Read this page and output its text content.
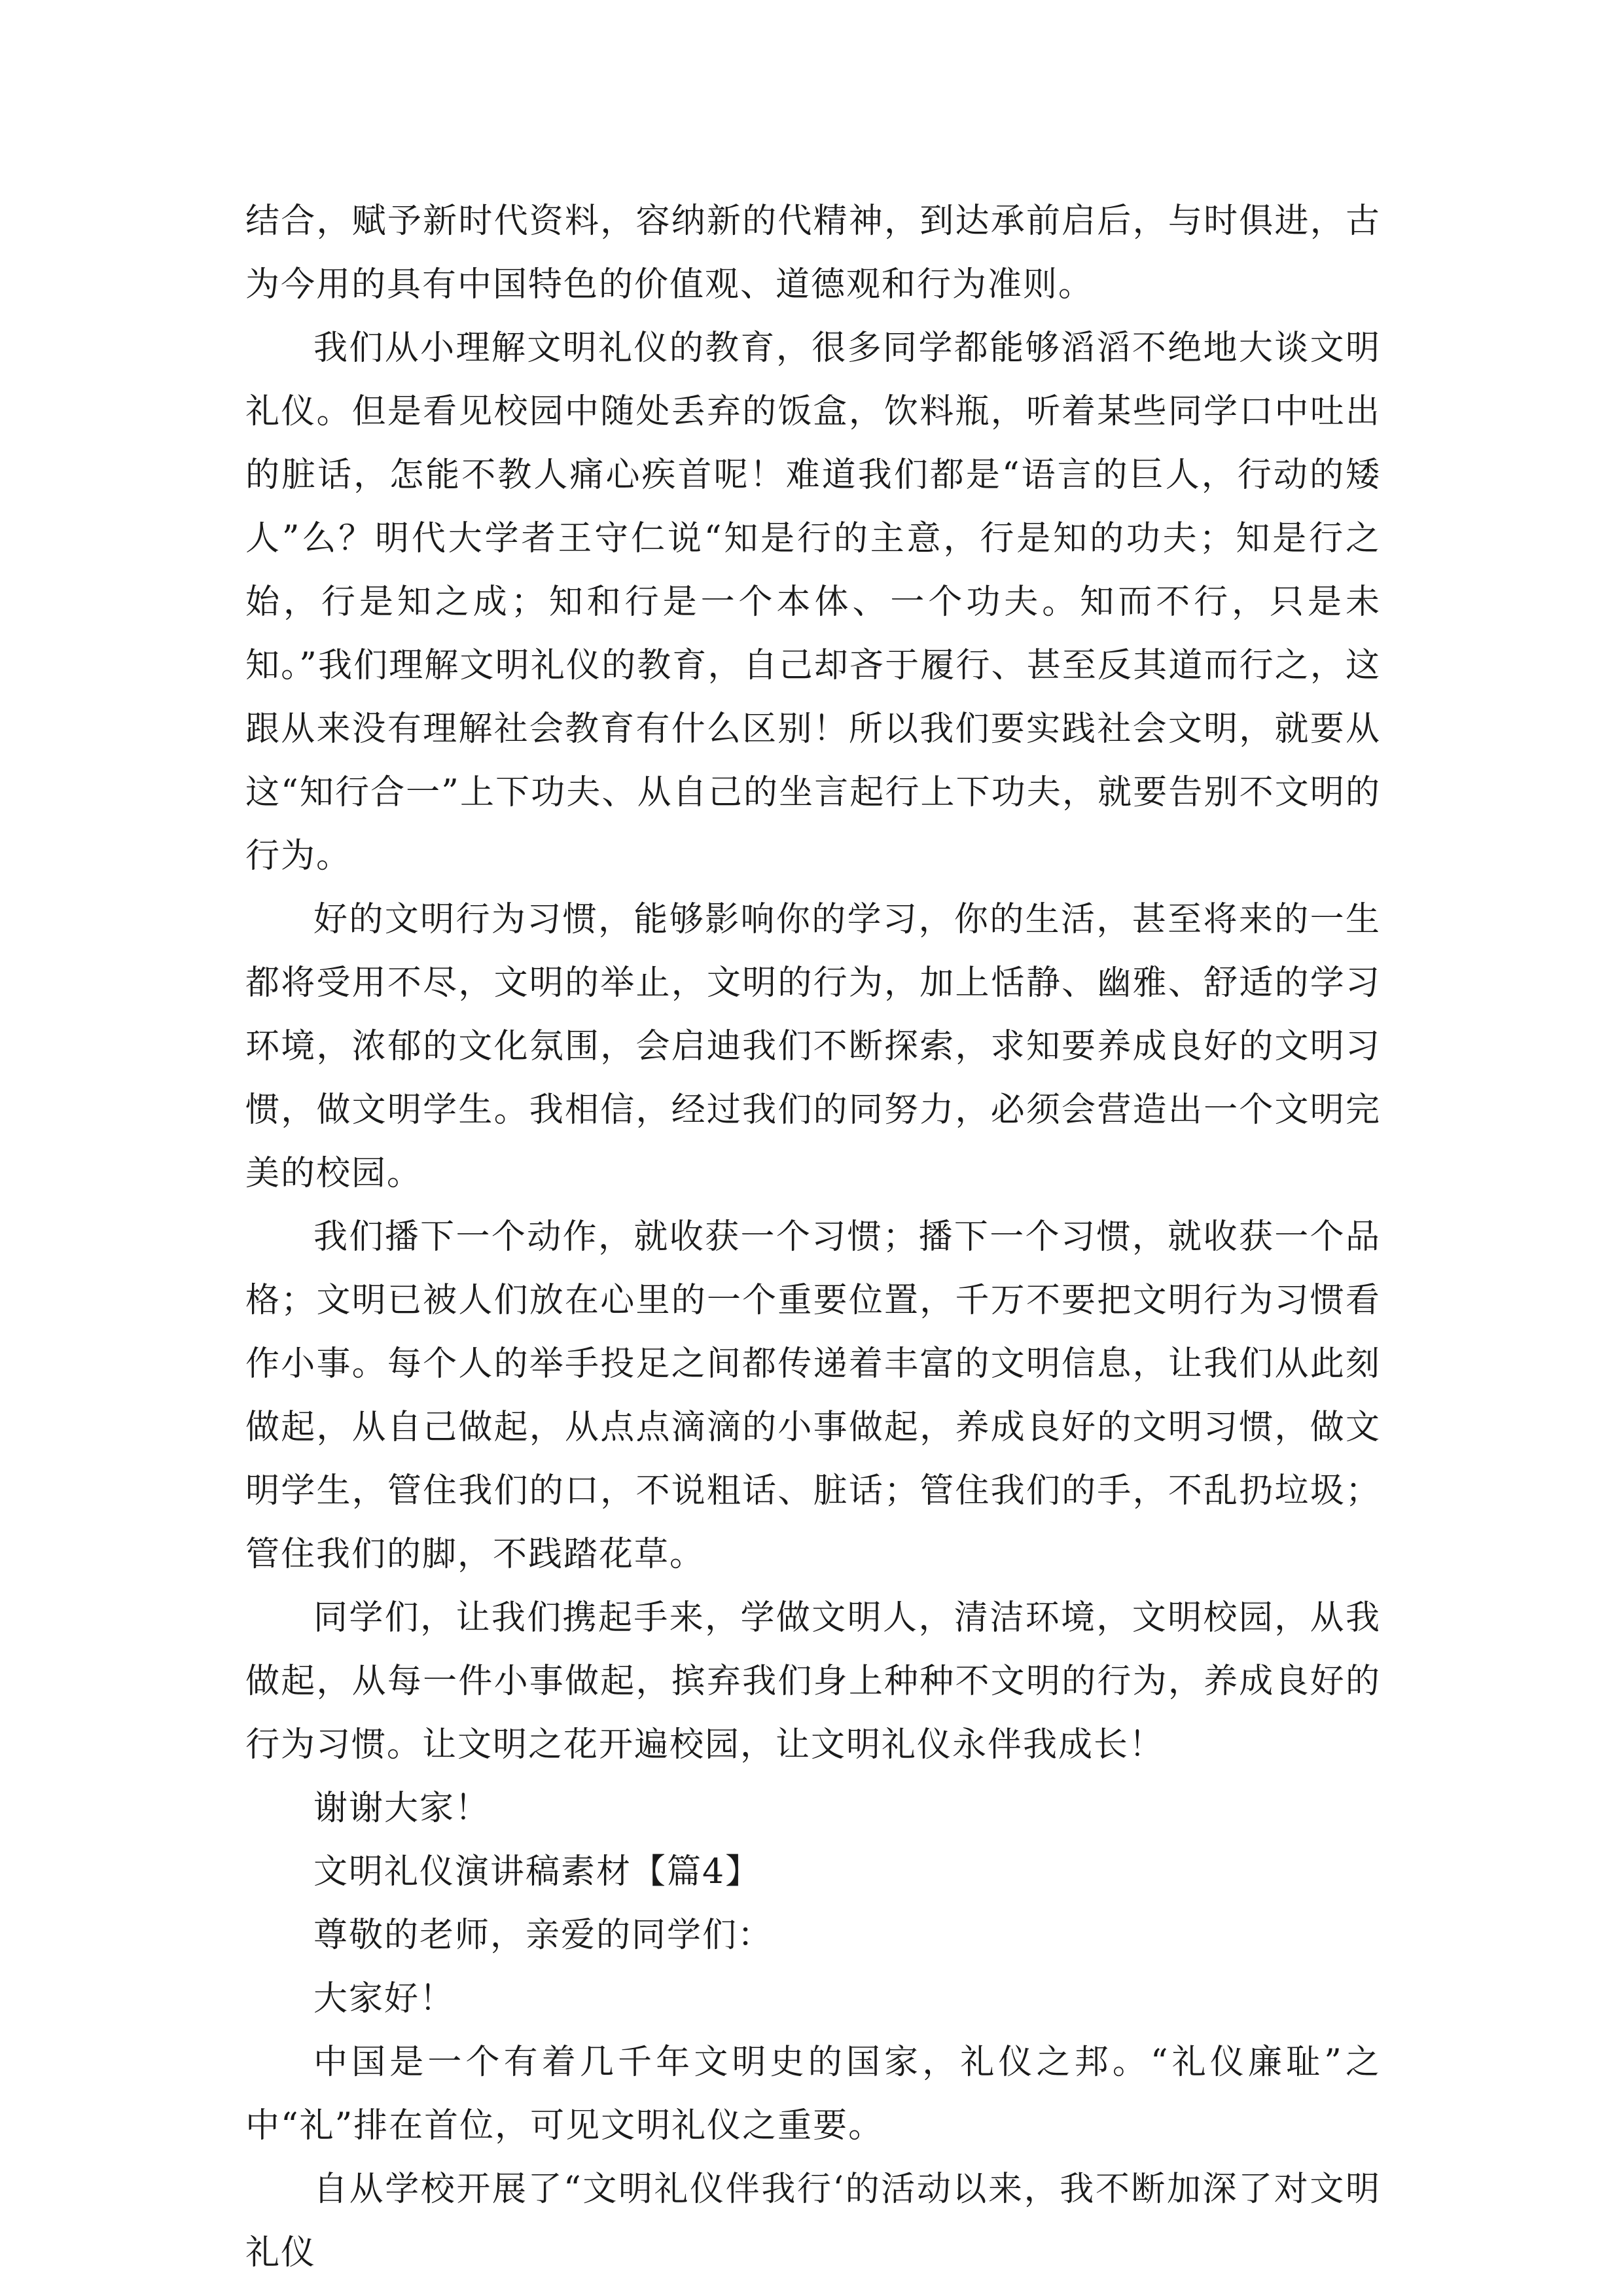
结合，赋予新时代资料，容纳新的代精神，到达承前启后，与时俱进，古为今用的具有中国特色的价值观、道德观和行为准则。

我们从小理解文明礼仪的教育，很多同学都能够滔滔不绝地大谈文明礼仪。但是看见校园中随处丢弃的饭盒，饮料瓶，听着某些同学口中吐出的脏话，怎能不教人痛心疾首呢！难道我们都是“语言的巨人，行动的矮人”么？明代大学者王守仁说“知是行的主意，行是知的功夫；知是行之始，行是知之成；知和行是一个本体、一个功夫。知而不行，只是未知。”我们理解文明礼仪的教育，自己却吝于履行、甚至反其道而行之，这跟从来没有理解社会教育有什么区别！所以我们要实践社会文明，就要从这“知行合一”上下功夫、从自己的坐言起行上下功夫，就要告别不文明的行为。

好的文明行为习惯，能够影响你的学习，你的生活，甚至将来的一生都将受用不尽，文明的举止，文明的行为，加上恬静、幽雅、舒适的学习环境，浓郁的文化氛围，会启迪我们不断探索，求知要养成良好的文明习惯，做文明学生。我相信，经过我们的同努力，必须会营造出一个文明完美的校园。

我们播下一个动作，就收获一个习惯；播下一个习惯，就收获一个品格；文明已被人们放在心里的一个重要位置，千万不要把文明行为习惯看作小事。每个人的举手投足之间都传递着丰富的文明信息，让我们从此刻做起，从自己做起，从点点滴滴的小事做起，养成良好的文明习惯，做文明学生，管住我们的口，不说粗话、脏话；管住我们的手，不乱扔垃圾；管住我们的脚，不践踏花草。

同学们，让我们携起手来，学做文明人，清洁环境，文明校园，从我做起，从每一件小事做起，摈弃我们身上种种不文明的行为，养成良好的行为习惯。让文明之花开遍校园，让文明礼仪永伴我成长！

谢谢大家！

文明礼仪演讲稿素材【篇4】

尊敬的老师，亲爱的同学们：

大家好！

中国是一个有着几千年文明史的国家，礼仪之邦。“礼仪廉耻”之中“礼”排在首位，可见文明礼仪之重要。

自从学校开展了“文明礼仪伴我行‘的活动以来，我不断加深了对文明礼仪
